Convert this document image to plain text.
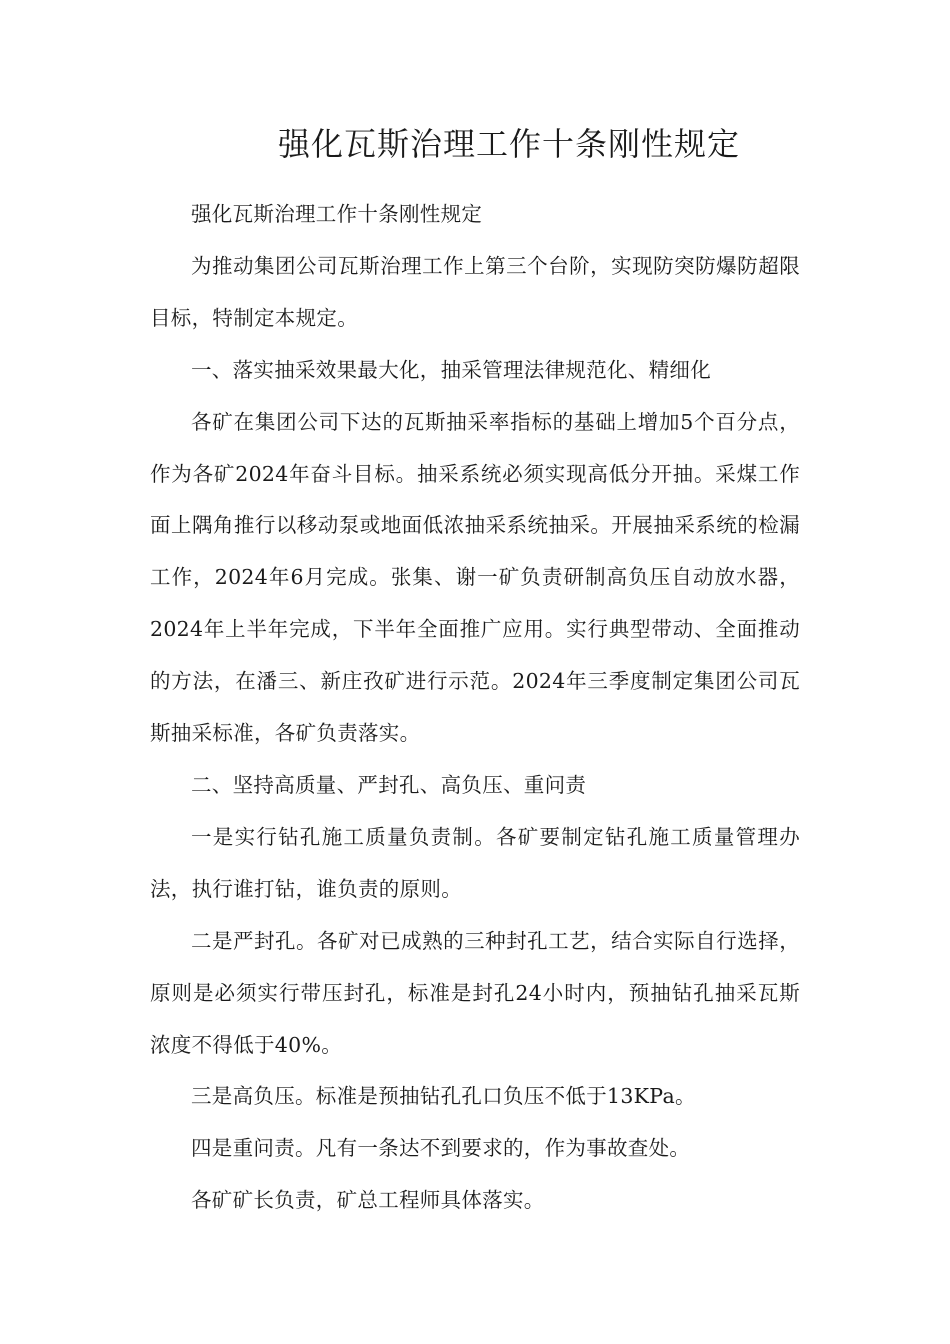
强化瓦斯治理工作十条刚性规定

强化瓦斯治理工作十条刚性规定

为推动集团公司瓦斯治理工作上第三个台阶，实现防突防爆防超限目标，特制定本规定。

一、落实抽采效果最大化，抽采管理法律规范化、精细化

各矿在集团公司下达的瓦斯抽采率指标的基础上增加5个百分点，作为各矿2024年奋斗目标。抽采系统必须实现高低分开抽。采煤工作面上隅角推行以移动泵或地面低浓抽采系统抽采。开展抽采系统的检漏工作，2024年6月完成。张集、谢一矿负责研制高负压自动放水器，2024年上半年完成，下半年全面推广应用。实行典型带动、全面推动的方法，在潘三、新庄孜矿进行示范。2024年三季度制定集团公司瓦斯抽采标准，各矿负责落实。

二、坚持高质量、严封孔、高负压、重问责

一是实行钻孔施工质量负责制。各矿要制定钻孔施工质量管理办法，执行谁打钻，谁负责的原则。

二是严封孔。各矿对已成熟的三种封孔工艺，结合实际自行选择，原则是必须实行带压封孔，标准是封孔24小时内，预抽钻孔抽采瓦斯浓度不得低于40%。

三是高负压。标准是预抽钻孔孔口负压不低于13KPa。

四是重问责。凡有一条达不到要求的，作为事故查处。

各矿矿长负责，矿总工程师具体落实。
